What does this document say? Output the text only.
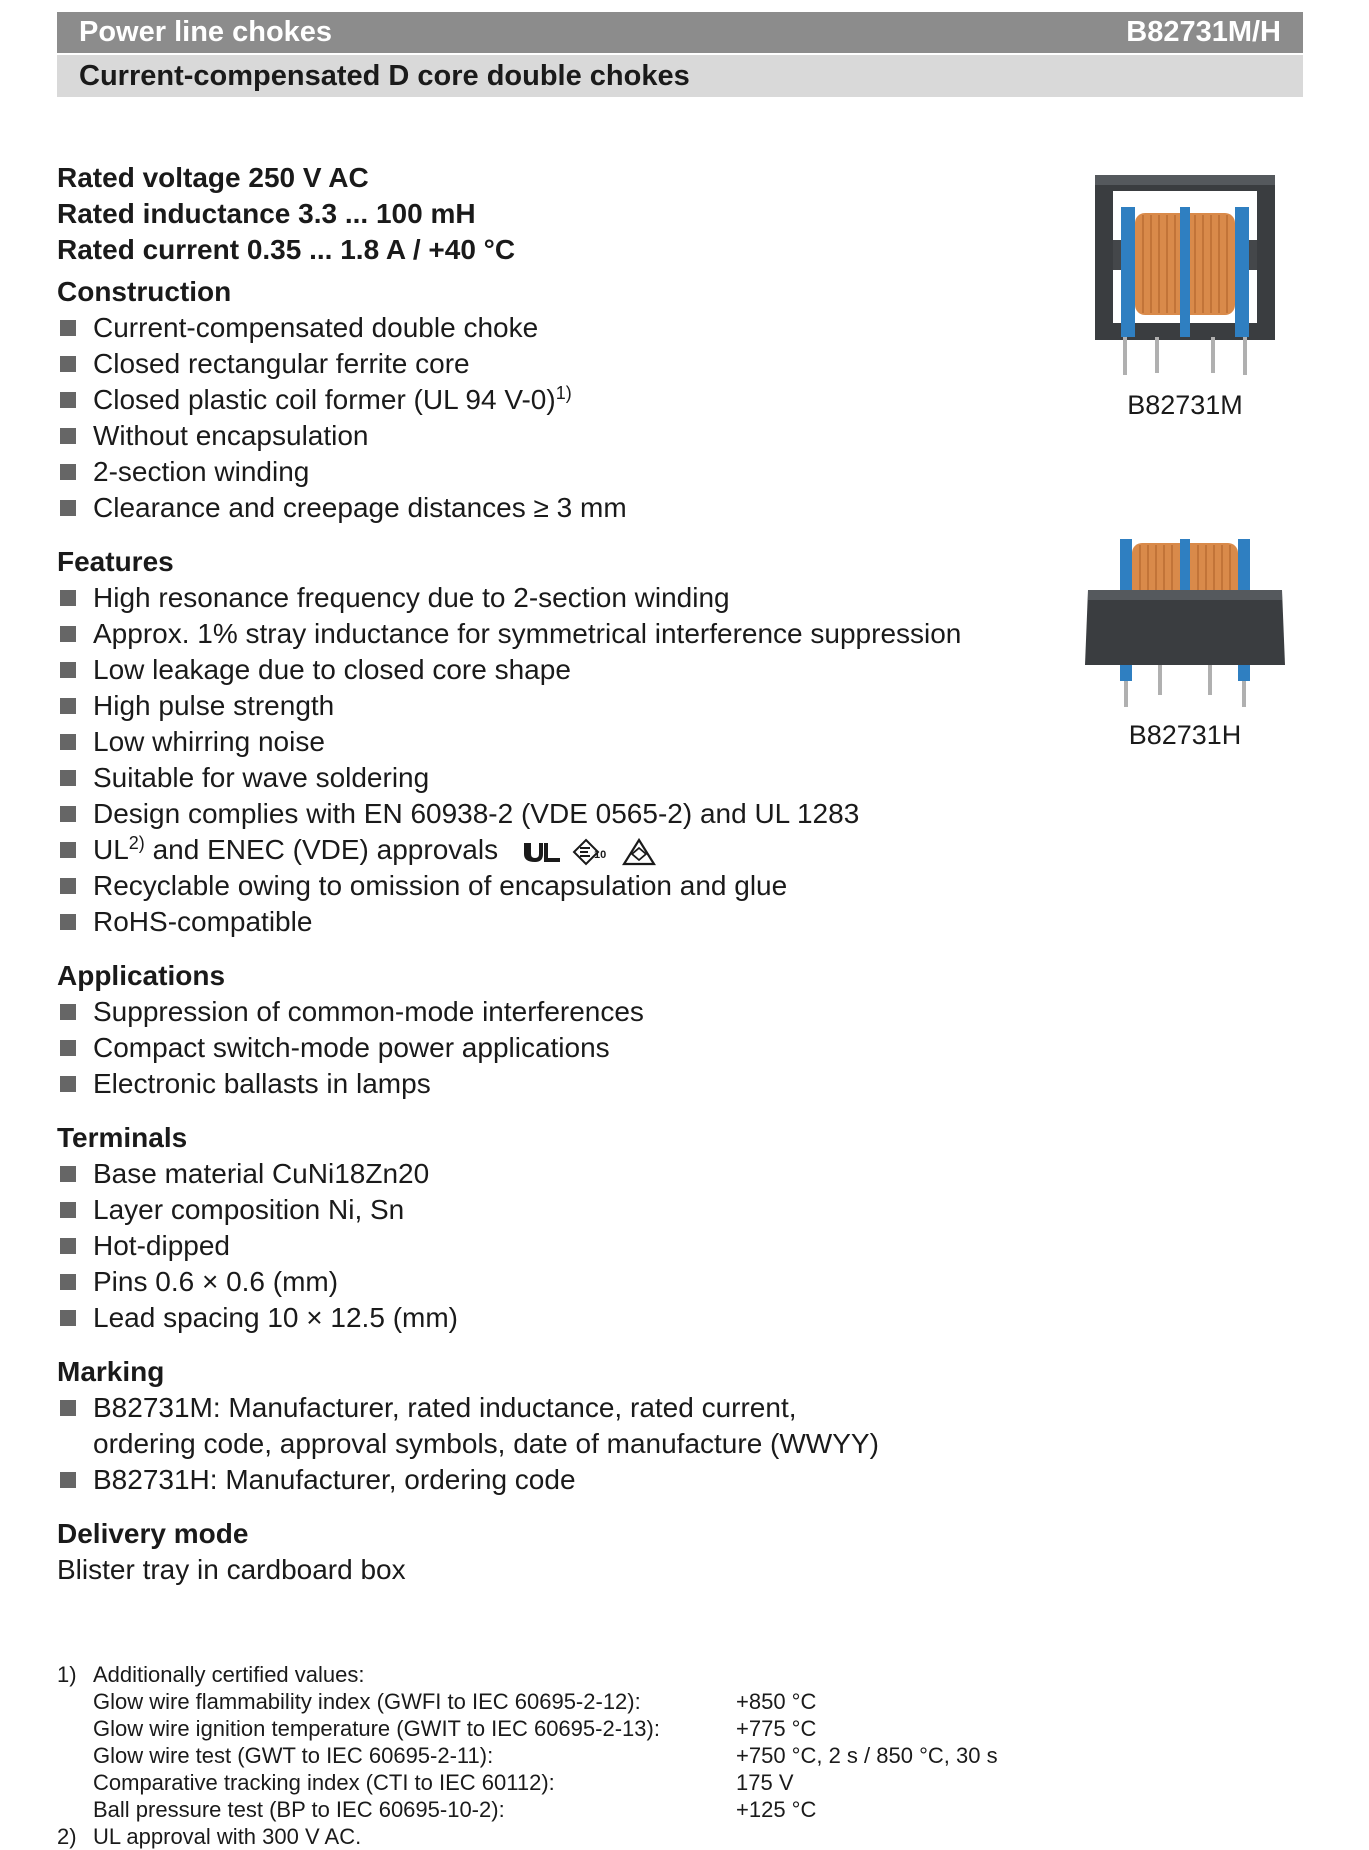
Power line chokes	B82731M/H
Current-compensated D core double chokes
Rated voltage 250 V AC
Rated inductance 3.3 ... 100 mH
Rated current 0.35 ... 1.8 A / +40 °C
Construction
Current-compensated double choke
Closed rectangular ferrite core
Closed plastic coil former (UL 94 V-0)$^{1)}$
Without encapsulation
2-section winding
Clearance and creepage distances ≥ 3 mm
Features
High resonance frequency due to 2-section winding
Approx. 1% stray inductance for symmetrical interference suppression
Low leakage due to closed core shape
High pulse strength
Low whirring noise
Suitable for wave soldering
Design complies with EN 60938-2 (VDE 0565-2) and UL 1283
UL$^{2)}$ and ENEC (VDE) approvals	10
Recyclable owing to omission of encapsulation and glue
RoHS-compatible
Applications
Suppression of common-mode interferences
Compact switch-mode power applications
Electronic ballasts in lamps
Terminals
Base material CuNi18Zn20
Layer composition Ni, Sn
Hot-dipped
Pins 0.6 × 0.6 (mm)
Lead spacing 10 × 12.5 (mm)
Marking
B82731M: Manufacturer, rated inductance, rated current,
ordering code, approval symbols, date of manufacture (WWYY)
B82731H: Manufacturer, ordering code
Delivery mode
Blister tray in cardboard box
1) Additionally certified values:
Glow wire flammability index (GWFI to IEC 60695-2-12):	+850 °C
Glow wire ignition temperature (GWIT to IEC 60695-2-13):	+775 °C
Glow wire test (GWT to IEC 60695-2-11):	+750 °C, 2 s / 850 °C, 30 s
Comparative tracking index (CTI to IEC 60112):	175 V
Ball pressure test (BP to IEC 60695-10-2):	+125 °C
2) UL approval with 300 V AC.
B82731M
B82731H
